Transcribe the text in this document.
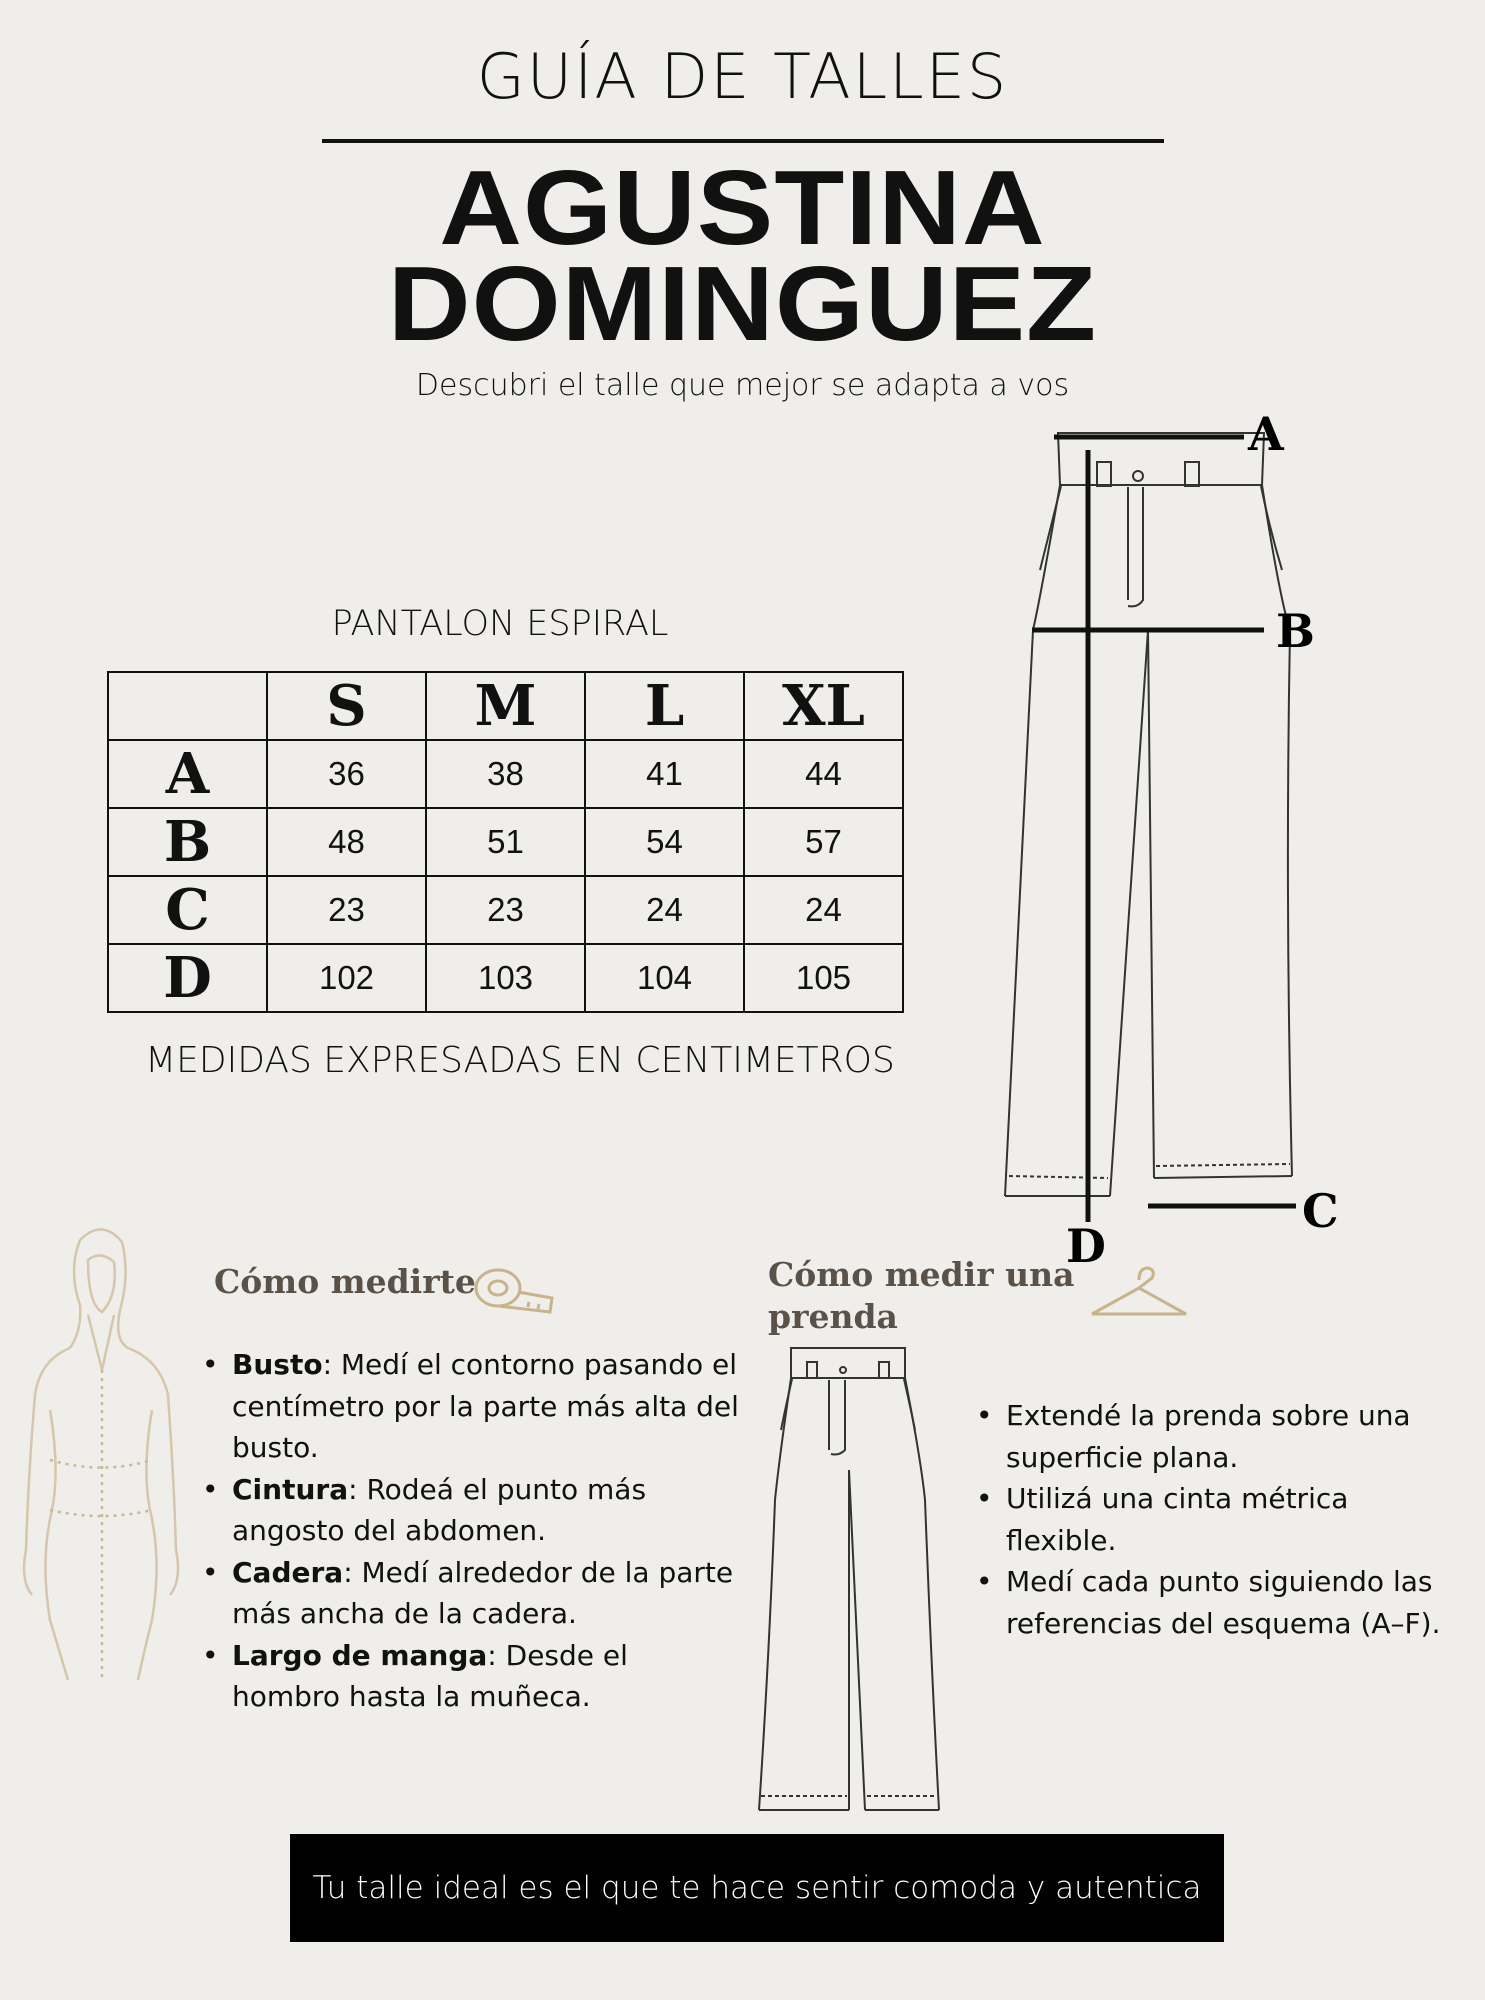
GUÍA DE TALLES
AGUSTINA
DOMINGUEZ
Descubri el talle que mejor se adapta a vos
PANTALON ESPIRAL
	S	M	L	XL
A	36	38	41	44
B	48	51	54	57
C	23	23	24	24
D	102	103	104	105
MEDIDAS EXPRESADAS EN CENTIMETROS
A
B
C
D
Cómo medirte
• Busto: Medí el contorno pasando el centímetro por la parte más alta del busto.
• Cintura: Rodeá el punto más angosto del abdomen.
• Cadera: Medí alrededor de la parte más ancha de la cadera.
• Largo de manga: Desde el hombro hasta la muñeca.
Cómo medir una
prenda
• Extendé la prenda sobre una superficie plana.
• Utilizá una cinta métrica flexible.
• Medí cada punto siguiendo las referencias del esquema (A–F).
Tu talle ideal es el que te hace sentir comoda y autentica
